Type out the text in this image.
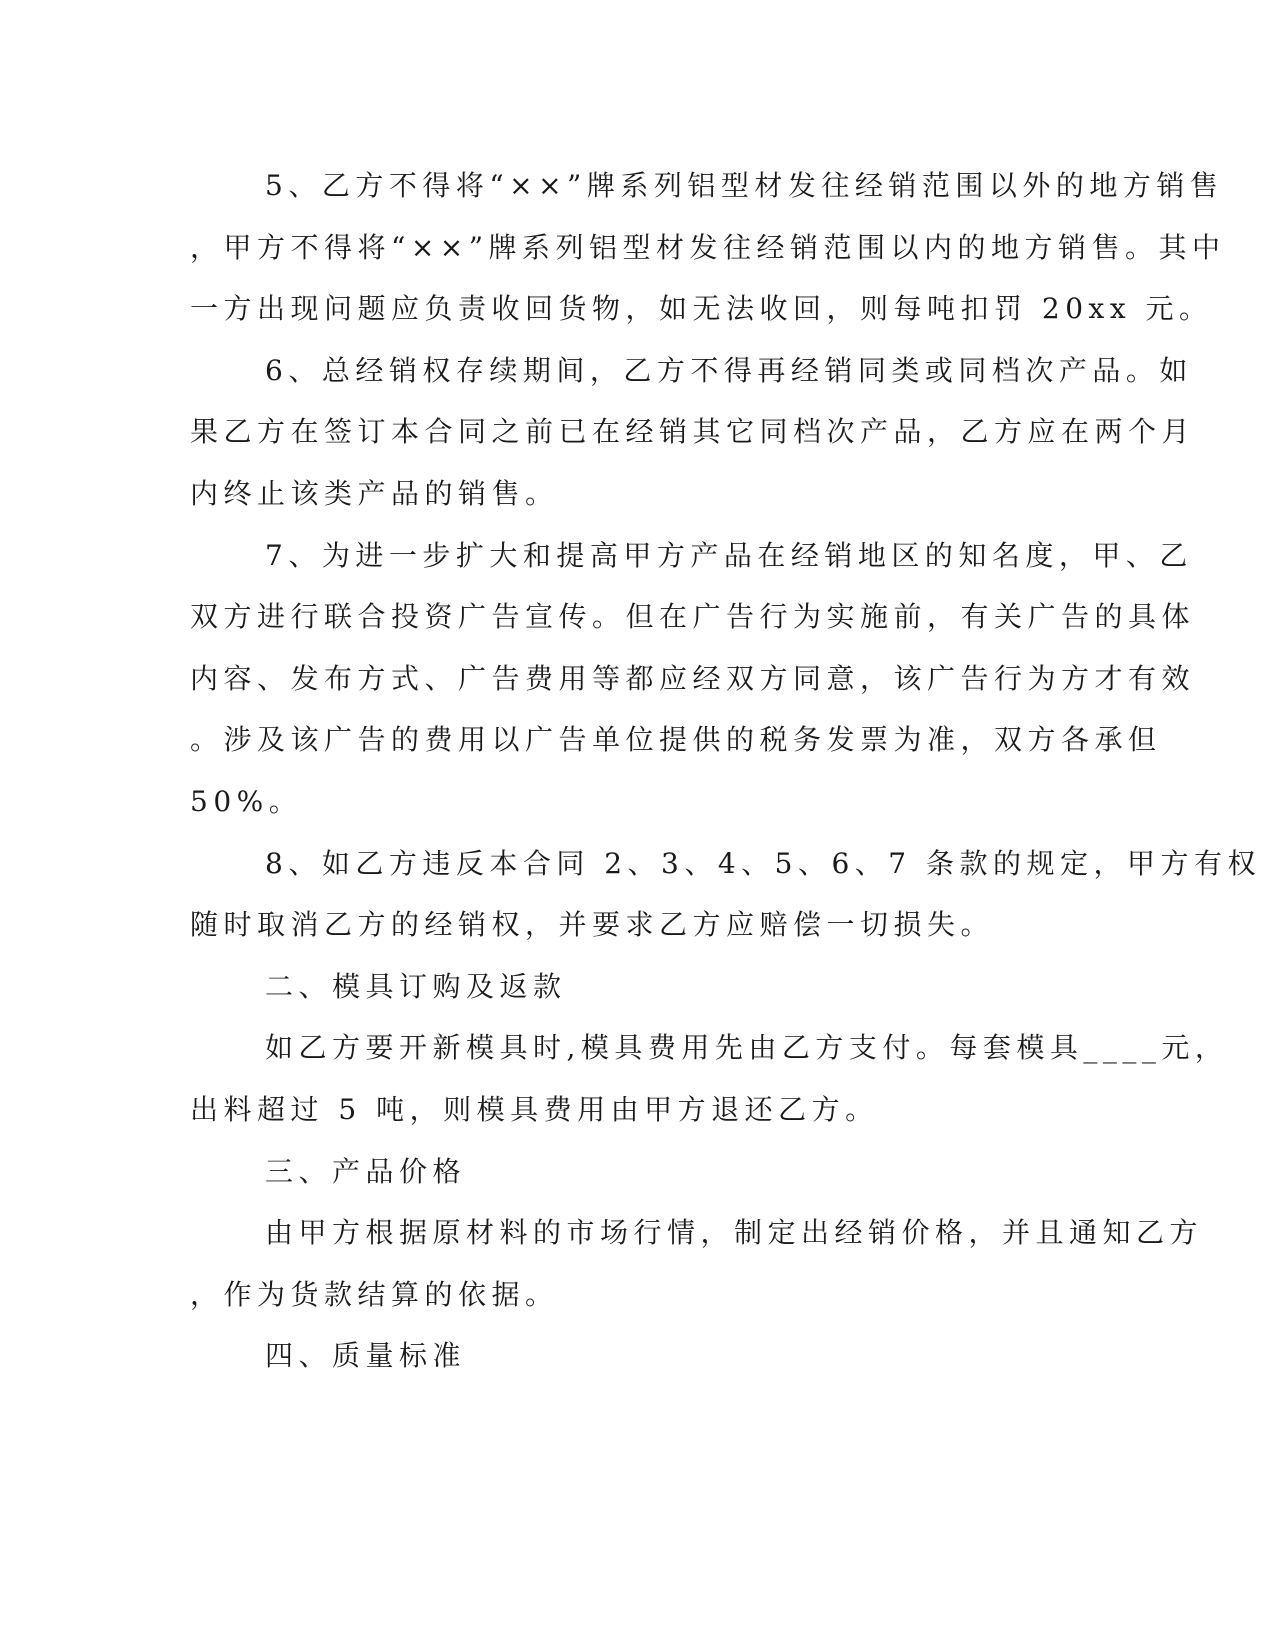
5、乙方不得将“××”牌系列铝型材发往经销范围以外的地方销售
，甲方不得将“××”牌系列铝型材发往经销范围以内的地方销售。其中
一方出现问题应负责收回货物，如无法收回，则每吨扣罚 20xx 元。
6、总经销权存续期间，乙方不得再经销同类或同档次产品。如
果乙方在签订本合同之前已在经销其它同档次产品，乙方应在两个月
内终止该类产品的销售。
7、为进一步扩大和提高甲方产品在经销地区的知名度，甲、乙
双方进行联合投资广告宣传。但在广告行为实施前，有关广告的具体
内容、发布方式、广告费用等都应经双方同意，该广告行为方才有效
。涉及该广告的费用以广告单位提供的税务发票为准，双方各承但
50%。
8、如乙方违反本合同 2、3、4、5、6、7 条款的规定，甲方有权
随时取消乙方的经销权，并要求乙方应赔偿一切损失。
二、模具订购及返款
如乙方要开新模具时,模具费用先由乙方支付。每套模具____元，
出料超过 5 吨，则模具费用由甲方退还乙方。
三、产品价格
由甲方根据原材料的市场行情，制定出经销价格，并且通知乙方
，作为货款结算的依据。
四、质量标准
